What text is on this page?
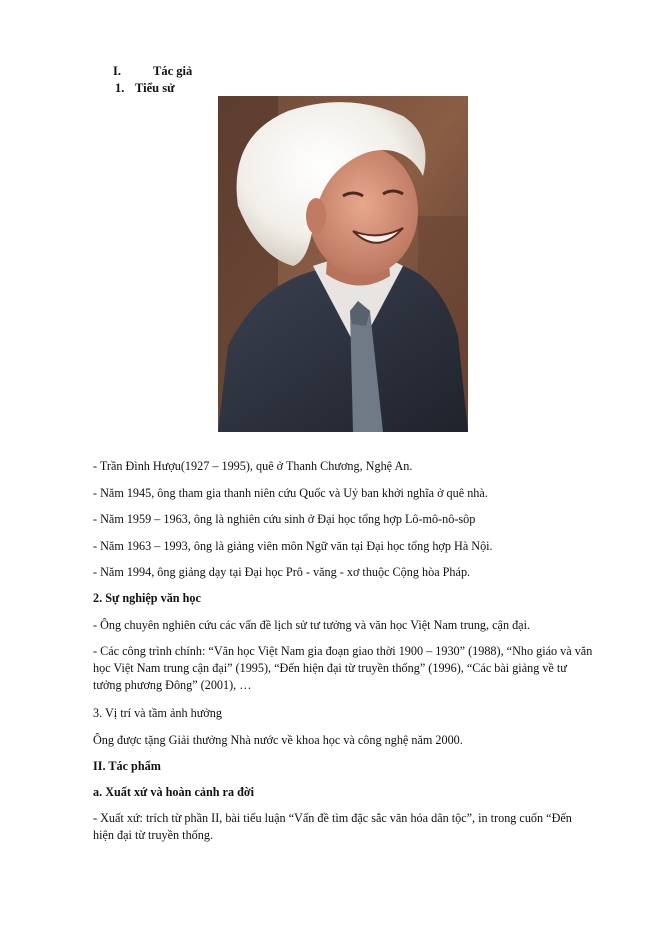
I.	Tác giả
1. Tiểu sử
- Trần Đình Hượu(1927 – 1995), quê ở Thanh Chương, Nghệ An.
- Năm 1945, ông tham gia thanh niên cứu Quốc và Uỷ ban khởi nghĩa ở quê nhà.
- Năm 1959 – 1963, ông là nghiên cứu sinh ở Đại học tổng hợp Lô-mô-nô-sôp
- Năm 1963 – 1993, ông là giảng viên môn Ngữ văn tại Đại học tổng hợp Hà Nội.
- Năm 1994, ông giảng dạy tại Đại học Prô - văng - xơ thuộc Cộng hòa Pháp.
2. Sự nghiệp văn học
- Ông chuyên nghiên cứu các vấn đề lịch sử tư tưởng và văn học Việt Nam trung, cận đại.
- Các công trình chính: “Văn học Việt Nam gia đoạn giao thời 1900 – 1930” (1988), “Nho giáo và văn học Việt Nam trung cận đại” (1995), “Đến hiện đại từ truyền thống” (1996), “Các bài giảng về tư tưởng phương Đông” (2001), …
3. Vị trí và tầm ảnh hưởng
Ông được tặng Giải thưởng Nhà nước về khoa học và công nghệ năm 2000.
II. Tác phẩm
a. Xuất xứ và hoàn cảnh ra đời
- Xuất xứ: trích từ phần II, bài tiểu luận “Vấn đề tìm đặc sắc văn hóa dân tộc”, in trong cuốn “Đến hiện đại từ truyền thống.
